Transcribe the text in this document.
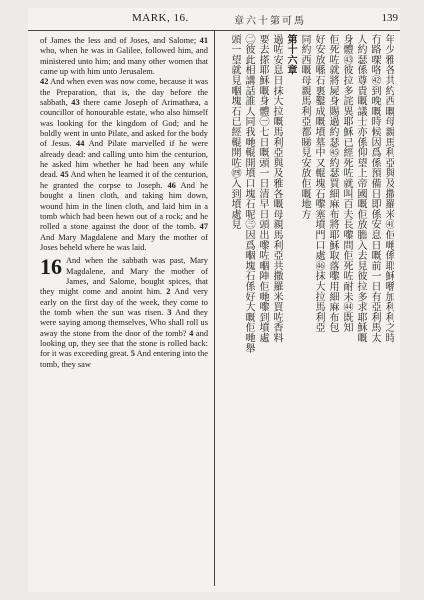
MARK, 16.	章六十第可馬	139

of James the less and of Joses, and Salome; 41 who, when he was in Galilee, followed him, and ministered unto him; and many other women that came up with him unto Jerusalem.

42 And when even was now come, because it was the Preparation, that is, the day before the sabbath, 43 there came Joseph of Arimathæa, a councillor of honourable estate, who also himself was looking for the kingdom of God; and he boldly went in unto Pilate, and asked for the body of Jesus. 44 And Pilate marvelled if he were already dead: and calling unto him the centurion, he asked him whether he had been any while dead. 45 And when he learned it of the centurion, he granted the corpse to Joseph. 46 And he bought a linen cloth, and taking him down, wound him in the linen cloth, and laid him in a tomb which had been hewn out of a rock; and he rolled a stone against the door of the tomb. 47 And Mary Magdalene and Mary the mother of Joses beheld where he was laid.

16 And when the sabbath was past, Mary Magdalene, and Mary the mother of James, and Salome, bought spices, that they might come and anoint him. 2 And very early on the first day of the week, they come to the tomb when the sun was risen. 3 And they were saying among themselves, Who shall roll us away the stone from the door of the tomb? 4 and looking up, they see that the stone is rolled back: for it was exceeding great. 5 And entering into the tomb, they saw
年少雅各共約西嘅母親馬利亞與及撒羅米㊶佢哋係耶穌喺加利利之時
冇路㗎咯㊷到晚嘅時候因爲係預備日即係安息日嘅前一日有亞利馬太
人約瑟係尊貴嘅議士亦係仰望上帝國嘅佢放膽入去見彼拉多求耶穌嘅
身體㊸彼拉多詫異耶穌已經死咗就叫百夫長嚟問佢死咗耐未㊹既知
佢死咗就將屍身賜過約瑟㊺約瑟買細麻布將耶穌取落嚟用細麻布包
好安放喺石裏鑿成嘅墳墓中又輥塊石嚟塞墳門口處㊻抹大拉馬利亞
同約西嘅母親馬利亞都睇見安放佢嘅地方
第十六章
過咗安息日抹大拉嘅馬利亞與及雅各嘅母親馬利亞共撒羅米買咗香料
要去搽耶穌嘅身體㊀七日嘅頭一日清早日頭出嚟咗嗰陣佢哋嚟到墳處
㊁彼此相講話誰人同我哋輥開墳口塊石呢㊂因爲嗰塊石係好大嘅佢哋舉
頭一望就見嗰塊石已經輥開咗㊃入到墳處見
